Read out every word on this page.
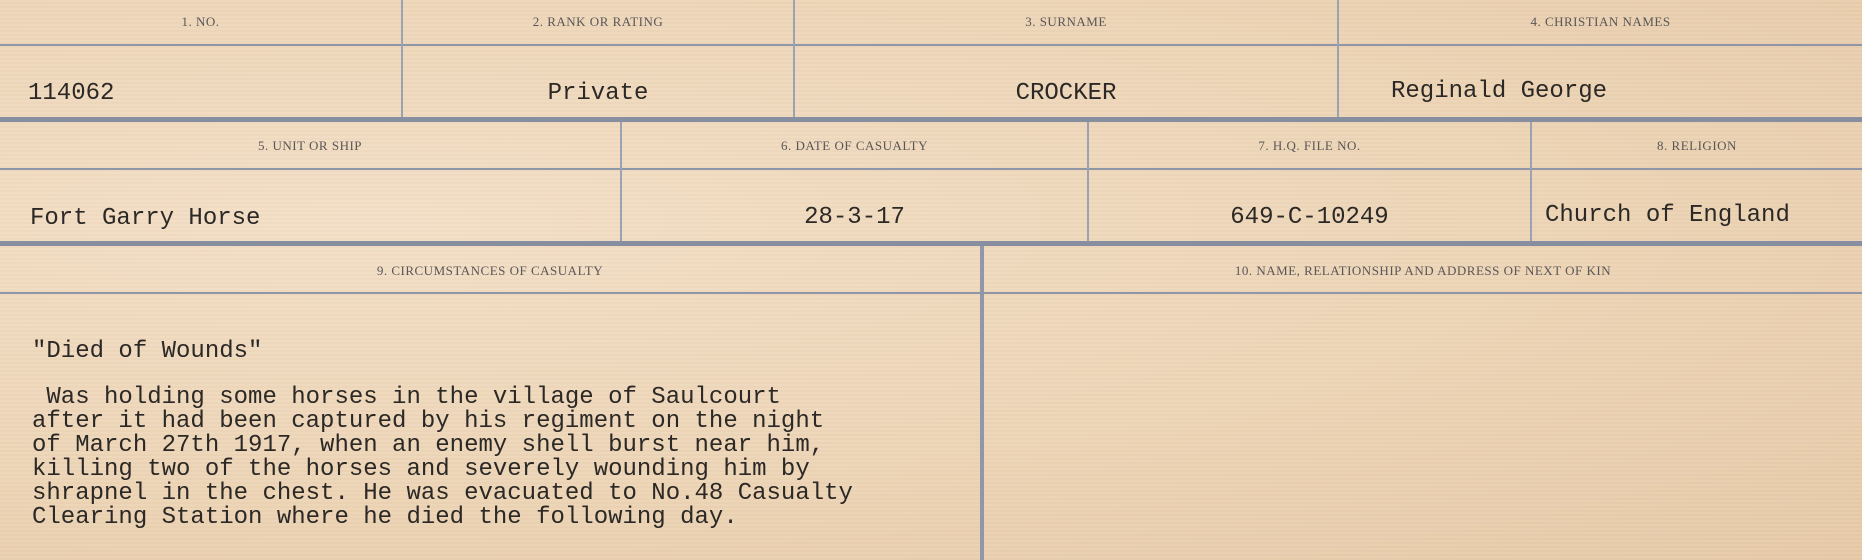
1. NO.	2. RANK OR RATING	3. SURNAME	4. CHRISTIAN NAMES
114062	Private	CROCKER	Reginald George
5. UNIT OR SHIP	6. DATE OF CASUALTY	7. H.Q. FILE NO.	8. RELIGION
Fort Garry Horse	28-3-17	649-C-10249	Church of England
9. CIRCUMSTANCES OF CASUALTY	10. NAME, RELATIONSHIP AND ADDRESS OF NEXT OF KIN
"Died of Wounds"
Was holding some horses in the village of Saulcourt
after it had been captured by his regiment on the night
of March 27th 1917, when an enemy shell burst near him,
killing two of the horses and severely wounding him by
shrapnel in the chest. He was evacuated to No.48 Casualty
Clearing Station where he died the following day.
